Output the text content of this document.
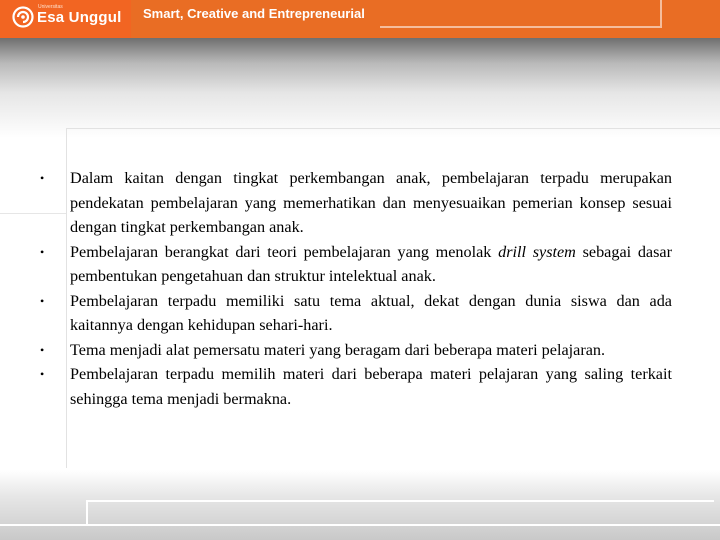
Universitas
Esa Unggul Smart, Creative and Entrepreneurial
• Dalam kaitan dengan tingkat perkembangan anak, pembelajaran terpadu merupakan pendekatan pembelajaran yang memerhatikan dan menyesuaikan pemerian konsep sesuai dengan tingkat perkembangan anak.
• Pembelajaran berangkat dari teori pembelajaran yang menolak drill system sebagai dasar pembentukan pengetahuan dan struktur intelektual anak.
• Pembelajaran terpadu memiliki satu tema aktual, dekat dengan dunia siswa dan ada kaitannya dengan kehidupan sehari-hari.
• Tema menjadi alat pemersatu materi yang beragam dari beberapa materi pelajaran.
• Pembelajaran terpadu memilih materi dari beberapa materi pelajaran yang saling terkait sehingga tema menjadi bermakna.
